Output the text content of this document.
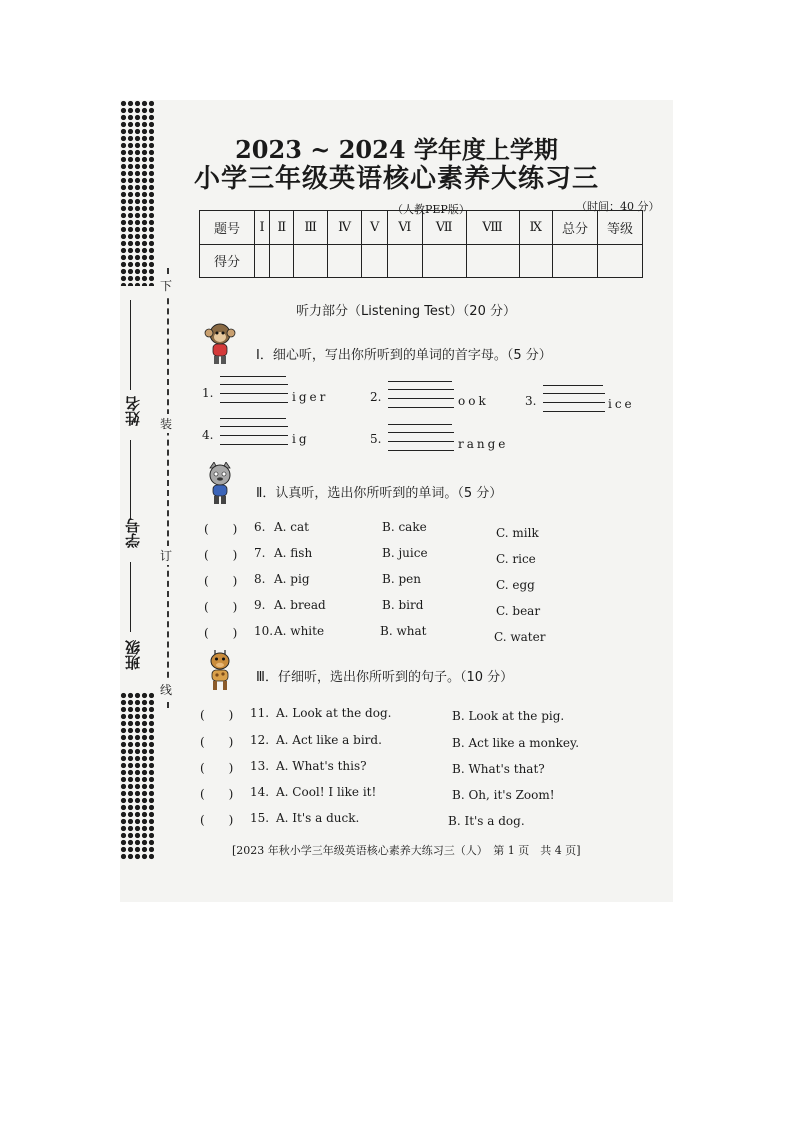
下
装
订
线
姓名
学号
班级
2023 ~ 2024 学年度上学期
小学三年级英语核心素养大练习三
（人教PEP版）	（时间：40 分）
题号	Ⅰ	Ⅱ	Ⅲ	Ⅳ	Ⅴ	Ⅵ	Ⅶ	Ⅷ	Ⅸ	总分	等级
得分											
听力部分（Listening Test）（20 分）
Ⅰ．细心听，写出你所听到的单词的首字母。（5 分）
1.	iger	2.	ook	3.	ice
4.	ig	5.	range
Ⅱ．认真听，选出你所听到的单词。（5 分）
(　　) 6. A. cat	B. cake	C. milk
(　　) 7. A. fish	B. juice	C. rice
(　　) 8. A. pig	B. pen	C. egg
(　　) 9. A. bread	B. bird	C. bear
(　　) 10. A. white	B. what	C. water
Ⅲ．仔细听，选出你所听到的句子。（10 分）
(　　) 11. A. Look at the dog.	B. Look at the pig.
(　　) 12. A. Act like a bird.	B. Act like a monkey.
(　　) 13. A. What's this?	B. What's that?
(　　) 14. A. Cool! I like it!	B. Oh, it's Zoom!
(　　) 15. A. It's a duck.	B. It's a dog.
[2023 年秋小学三年级英语核心素养大练习三（人）　第 1 页　共 4 页]
